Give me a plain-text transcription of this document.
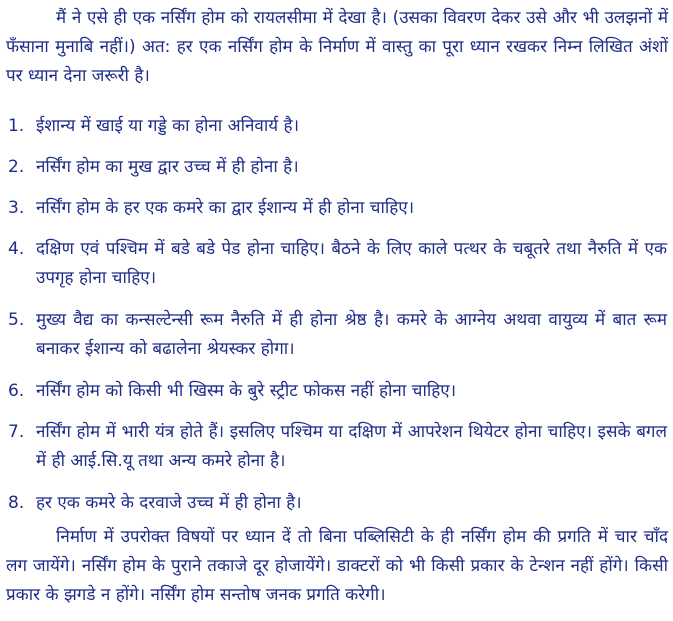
मैं ने एसे ही एक नर्सिंग होम को रायलसीमा में देखा है। (उसका विवरण देकर उसे और भी उलझनों में फँसाना मुनाबि नहीं।) अत: हर एक नर्सिंग होम के निर्माण में वास्तु का पूरा ध्यान रखकर निम्न लिखित अंशों पर ध्यान देना जरूरी है।

1. ईशान्य में खाई या गड्डे का होना अनिवार्य है।
2. नर्सिंग होम का मुख द्वार उच्च में ही होना है।
3. नर्सिंग होम के हर एक कमरे का द्वार ईशान्य में ही होना चाहिए।
4. दक्षिण एवं पश्चिम में बडे बडे पेड होना चाहिए। बैठने के लिए काले पत्थर के चबूतरे तथा नैरुति में एक उपगृह होना चाहिए।
5. मुख्य वैद्य का कन्सल्टेन्सी रूम नैरुति में ही होना श्रेष्ठ है। कमरे के आग्नेय अथवा वायुव्य में बात रूम बनाकर ईशान्य को बढालेना श्रेयस्कर होगा।
6. नर्सिंग होम को किसी भी खिस्म के बुरे स्ट्रीट फोकस नहीं होना चाहिए।
7. नर्सिंग होम में भारी यंत्र होते हैं। इसलिए पश्चिम या दक्षिण में आपरेशन थियेटर होना चाहिए। इसके बगल में ही आई.सि.यू तथा अन्य कमरे होना है।
8. हर एक कमरे के दरवाजे उच्च में ही होना है।

निर्माण में उपरोक्त विषयों पर ध्यान दें तो बिना पब्लिसिटी के ही नर्सिंग होम की प्रगति में चार चाँद लग जायेंगे। नर्सिंग होम के पुराने तकाजे दूर होजायेंगे। डाक्टरों को भी किसी प्रकार के टेन्शन नहीं होंगे। किसी प्रकार के झगडे न होंगे। नर्सिंग होम सन्तोष जनक प्रगति करेगी।
